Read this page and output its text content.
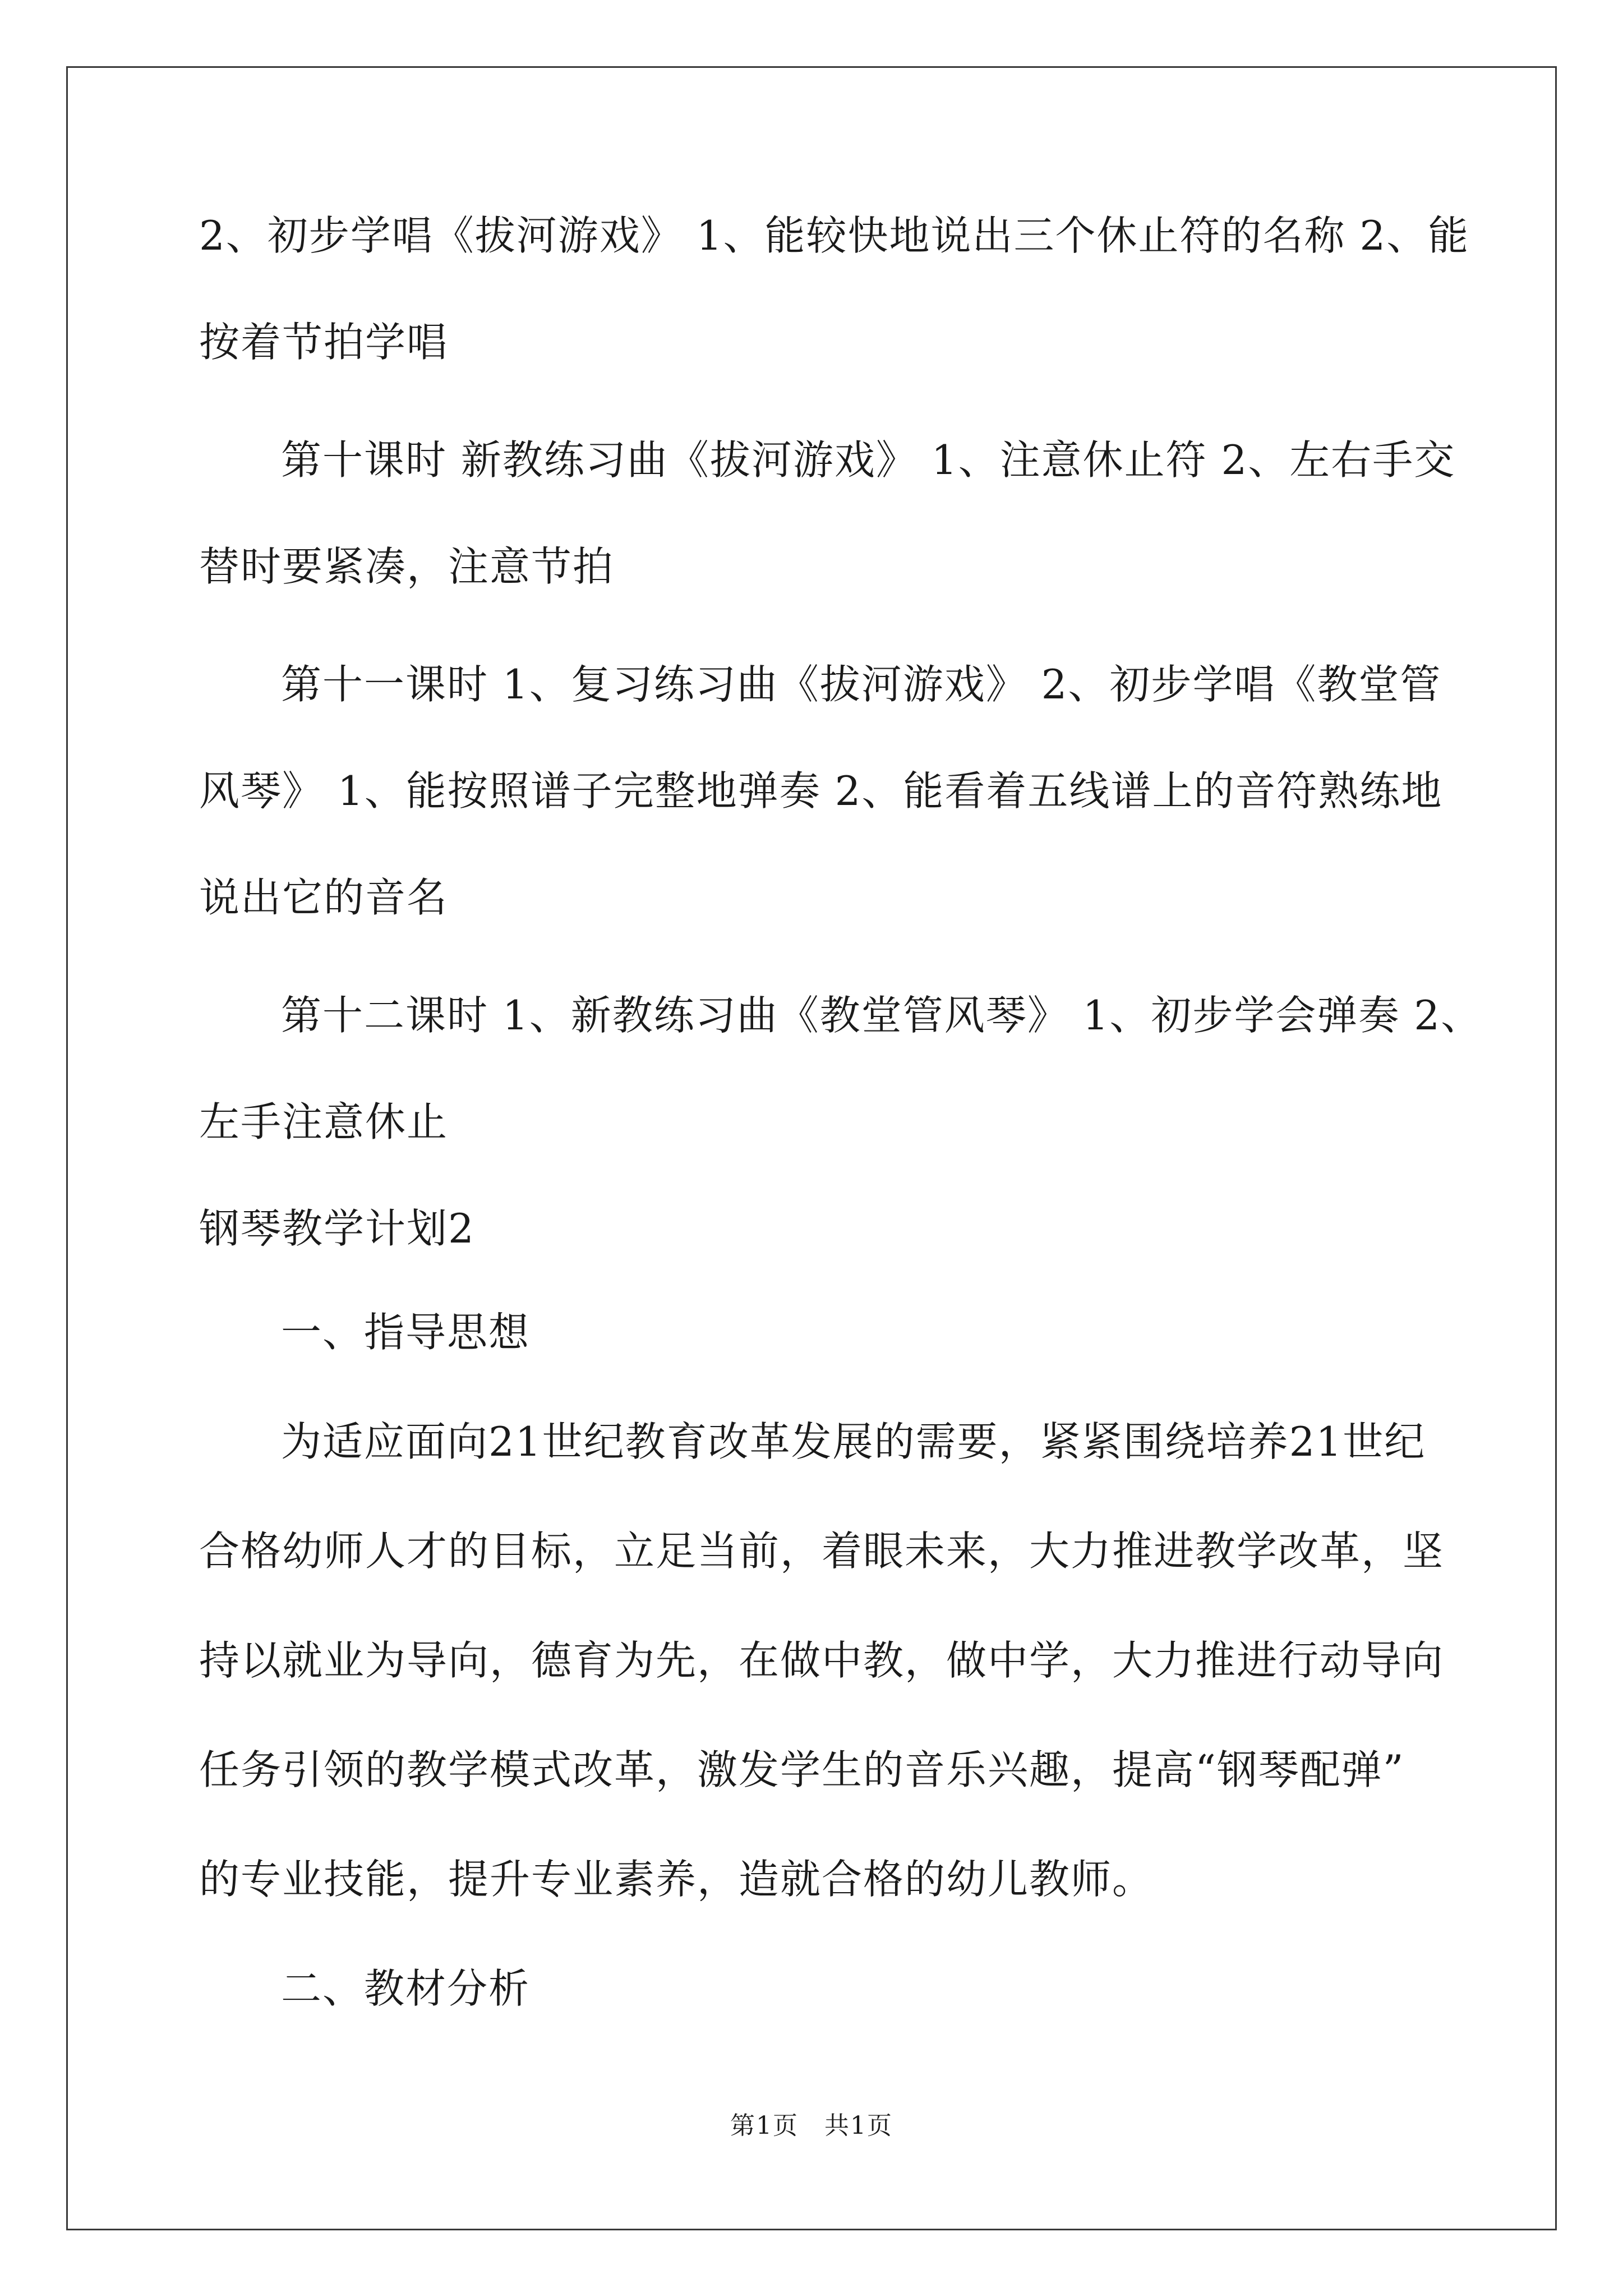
2、初步学唱《拔河游戏》 1、能较快地说出三个休止符的名称 2、能
按着节拍学唱
第十课时 新教练习曲《拔河游戏》 1、注意休止符 2、左右手交
替时要紧凑，注意节拍
第十一课时 1、复习练习曲《拔河游戏》 2、初步学唱《教堂管
风琴》 1、能按照谱子完整地弹奏 2、能看着五线谱上的音符熟练地
说出它的音名
第十二课时 1、新教练习曲《教堂管风琴》 1、初步学会弹奏 2、
左手注意休止
钢琴教学计划2
一、指导思想
为适应面向21世纪教育改革发展的需要，紧紧围绕培养21世纪
合格幼师人才的目标，立足当前，着眼未来，大力推进教学改革，坚
持以就业为导向，德育为先，在做中教，做中学，大力推进行动导向
任务引领的教学模式改革，激发学生的音乐兴趣，提高“钢琴配弹”
的专业技能，提升专业素养，造就合格的幼儿教师。
二、教材分析
第1页　共1页
